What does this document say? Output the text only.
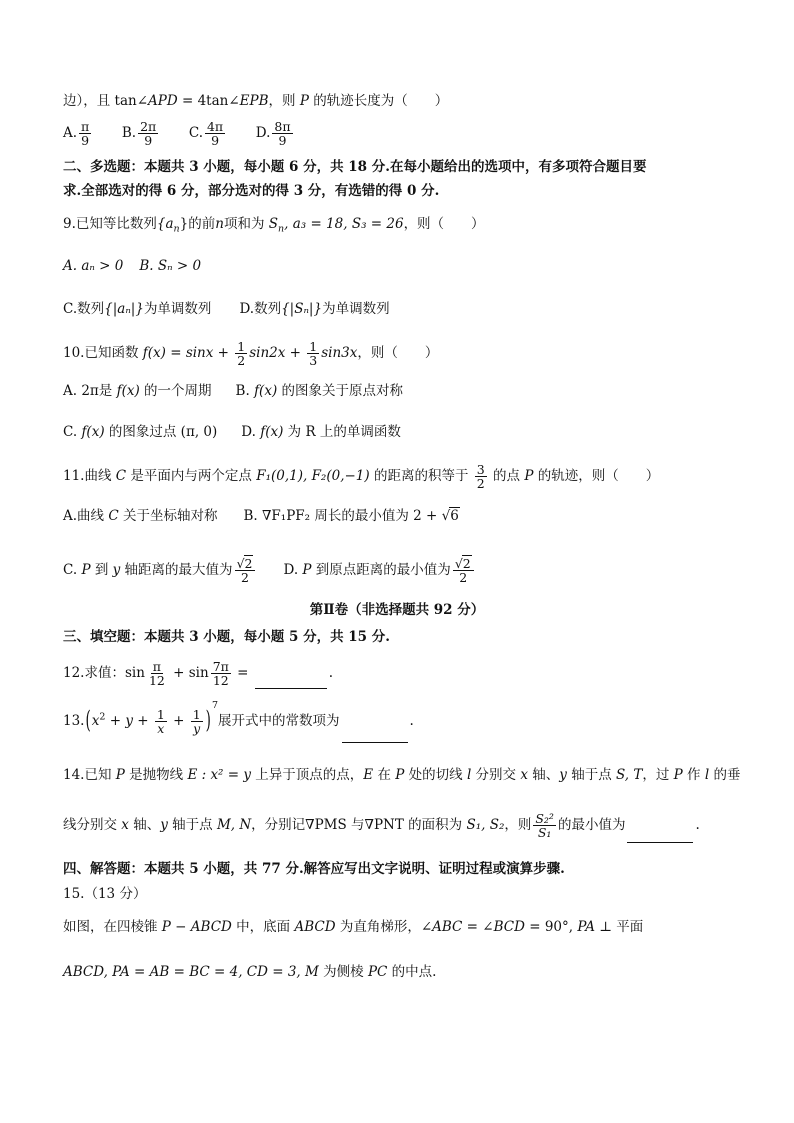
边），且 tan∠APD = 4tan∠EPB，则 P 的轨迹长度为（　　）
A. $\frac{\pi}{9} B$. $\frac{2\pi}{9} C$. $\frac{4\pi}{9} D$. $\frac{8\pi}{9}$
二、多选题：本题共 3 小题，每小题 6 分，共 18 分.在每小题给出的选项中，有多项符合题目要
求.全部选对的得 6 分，部分选对的得 3 分，有选错的得 0 分.
9.已知等比数列$\{a_n\}$的前n项和为 $S_n$, a₃ = 18, S₃ = 26，则（　　）
A. aₙ > 0 B. Sₙ > 0
C.数列{|aₙ|}为单调数列 D.数列{|Sₙ|}为单调数列
10.已知函数 $f(x) = \sin x + \frac{1}{2} \sin 2x + \frac{1}{3} \sin 3x$，则（　　）
A. 2π是 f(x) 的一个周期 B. f(x) 的图象关于原点对称
C. f(x) 的图象过点 (π, 0) D. f(x) 为 R 上的单调函数
11.曲线 C 是平面内与两个定点 F₁(0,1), F₂(0,−1) 的距离的积等于 $\frac{3}{2}$ 的点 P 的轨迹，则（　　）
A.曲线 C 关于坐标轴对称 B. ∇F₁PF₂ 周长的最小值为 2 + √6
C. P 到 y 轴距离的最大值为 $\frac{√2}{2} D$. P 到原点距离的最小值为 $\frac{√2}{2}$
第Ⅱ卷（非选择题共 92 分）
三、填空题：本题共 3 小题，每小题 5 分，共 15 分.
12.求值：$\sin \frac{\pi}{12} + \sin \frac{7\pi}{12}$ =	.
$13.(x^2 + y + \frac{1}{x} + \frac{1}{y} )^7$展开式中的常数项为	.
14.已知 P 是抛物线 E : x² = y 上异于顶点的点，E 在 P 处的切线 l 分别交 x 轴、y 轴于点 S, T，过 P 作 l 的垂
线分别交 x 轴、y 轴于点 M, N，分别记∇PMS 与∇PNT 的面积为 S₁, S₂，则 $\frac{\text{S₂²}}{\text{S₁}}$ 的最小值为	.
四、解答题：本题共 5 小题，共 77 分.解答应写出文字说明、证明过程或演算步骤.
15.（13 分）
如图，在四棱锥 P − ABCD 中，底面 ABCD 为直角梯形，∠ABC = ∠BCD = 90°, PA ⊥ 平面
ABCD, PA = AB = BC = 4, CD = 3, M 为侧棱 PC 的中点.
